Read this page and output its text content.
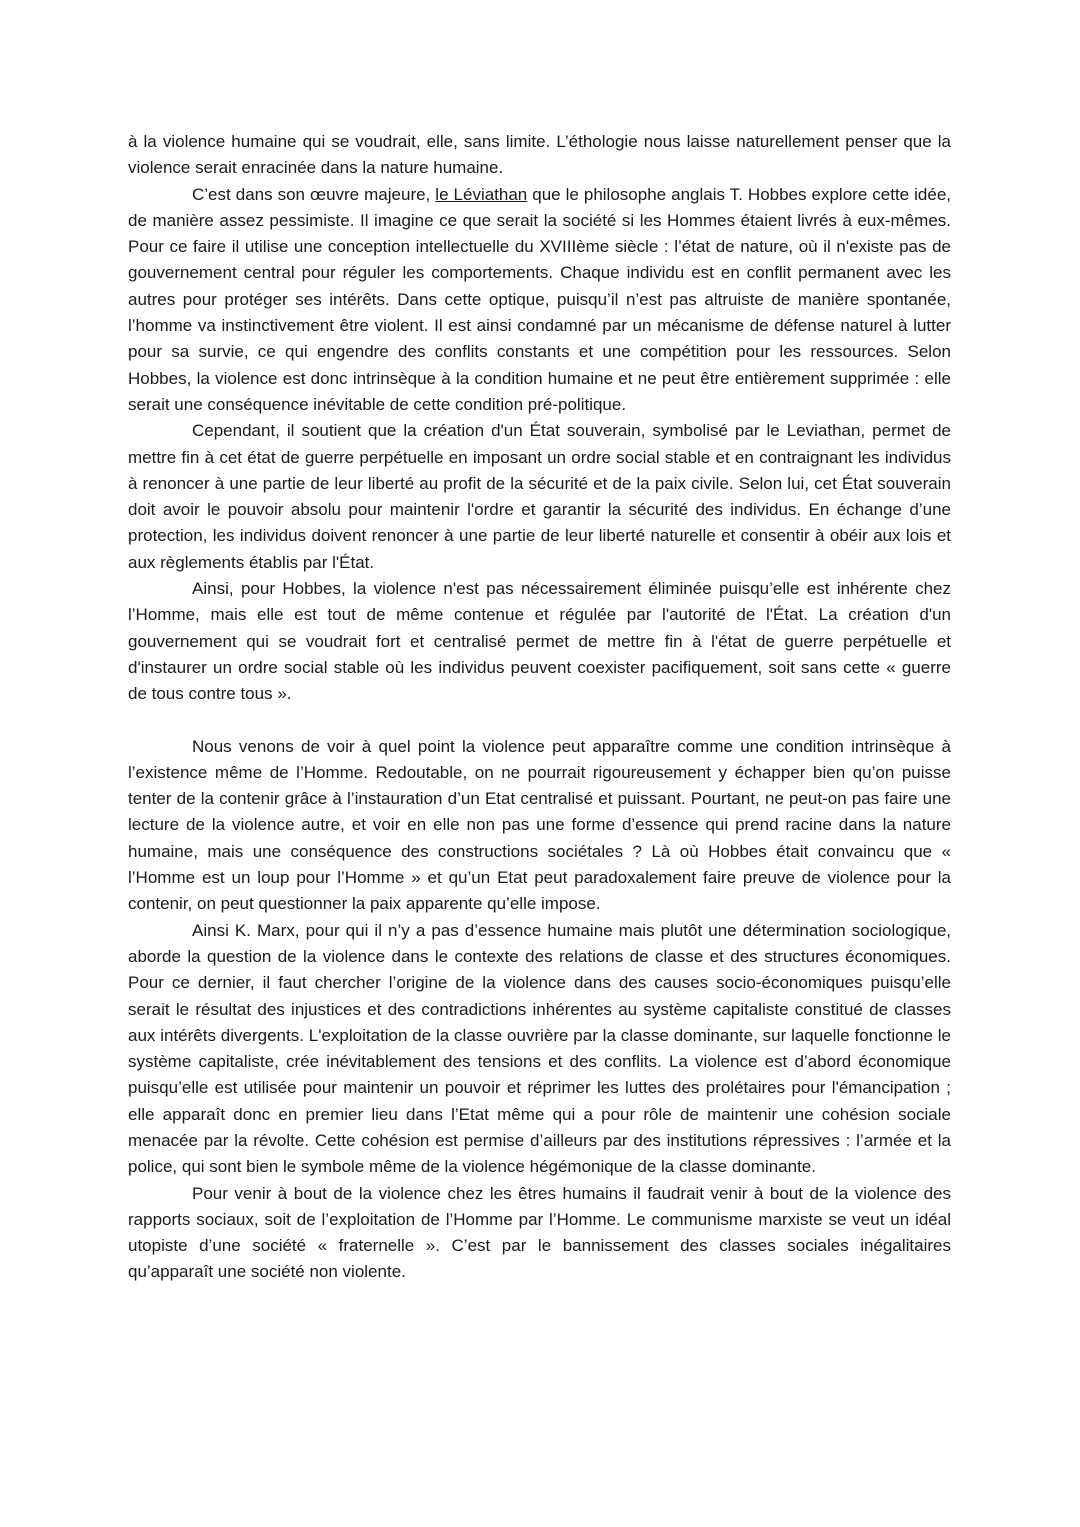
à la violence humaine qui se voudrait, elle, sans limite. L’éthologie nous laisse naturellement penser que la violence serait enracinée dans la nature humaine.

C’est dans son œuvre majeure, le Léviathan que le philosophe anglais T. Hobbes explore cette idée, de manière assez pessimiste. Il imagine ce que serait la société si les Hommes étaient livrés à eux-mêmes. Pour ce faire il utilise une conception intellectuelle du XVIIIème siècle : l’état de nature, où il n'existe pas de gouvernement central pour réguler les comportements. Chaque individu est en conflit permanent avec les autres pour protéger ses intérêts. Dans cette optique, puisqu’il n’est pas altruiste de manière spontanée, l’homme va instinctivement être violent. Il est ainsi condamné par un mécanisme de défense naturel à lutter pour sa survie, ce qui engendre des conflits constants et une compétition pour les ressources. Selon Hobbes, la violence est donc intrinsèque à la condition humaine et ne peut être entièrement supprimée : elle serait une conséquence inévitable de cette condition pré-politique.

Cependant, il soutient que la création d'un État souverain, symbolisé par le Leviathan, permet de mettre fin à cet état de guerre perpétuelle en imposant un ordre social stable et en contraignant les individus à renoncer à une partie de leur liberté au profit de la sécurité et de la paix civile. Selon lui, cet État souverain doit avoir le pouvoir absolu pour maintenir l'ordre et garantir la sécurité des individus. En échange d’une protection, les individus doivent renoncer à une partie de leur liberté naturelle et consentir à obéir aux lois et aux règlements établis par l'État.

Ainsi, pour Hobbes, la violence n'est pas nécessairement éliminée puisqu’elle est inhérente chez l’Homme, mais elle est tout de même contenue et régulée par l'autorité de l'État. La création d'un gouvernement qui se voudrait fort et centralisé permet de mettre fin à l'état de guerre perpétuelle et d'instaurer un ordre social stable où les individus peuvent coexister pacifiquement, soit sans cette « guerre de tous contre tous ».

Nous venons de voir à quel point la violence peut apparaître comme une condition intrinsèque à l’existence même de l’Homme. Redoutable, on ne pourrait rigoureusement y échapper bien qu’on puisse tenter de la contenir grâce à l’instauration d’un Etat centralisé et puissant. Pourtant, ne peut-on pas faire une lecture de la violence autre, et voir en elle non pas une forme d’essence qui prend racine dans la nature humaine, mais une conséquence des constructions sociétales ? Là où Hobbes était convaincu que « l’Homme est un loup pour l’Homme » et qu’un Etat peut paradoxalement faire preuve de violence pour la contenir, on peut questionner la paix apparente qu’elle impose.

Ainsi K. Marx, pour qui il n’y a pas d’essence humaine mais plutôt une détermination sociologique, aborde la question de la violence dans le contexte des relations de classe et des structures économiques. Pour ce dernier, il faut chercher l’origine de la violence dans des causes socio-économiques puisqu’elle serait le résultat des injustices et des contradictions inhérentes au système capitaliste constitué de classes aux intérêts divergents. L'exploitation de la classe ouvrière par la classe dominante, sur laquelle fonctionne le système capitaliste, crée inévitablement des tensions et des conflits. La violence est d’abord économique puisqu’elle est utilisée pour maintenir un pouvoir et réprimer les luttes des prolétaires pour l'émancipation ; elle apparaît donc en premier lieu dans l’Etat même qui a pour rôle de maintenir une cohésion sociale menacée par la révolte. Cette cohésion est permise d’ailleurs par des institutions répressives : l’armée et la police, qui sont bien le symbole même de la violence hégémonique de la classe dominante.

Pour venir à bout de la violence chez les êtres humains il faudrait venir à bout de la violence des rapports sociaux, soit de l’exploitation de l’Homme par l’Homme. Le communisme marxiste se veut un idéal utopiste d’une société « fraternelle ». C’est par le bannissement des classes sociales inégalitaires qu’apparaît une société non violente.
